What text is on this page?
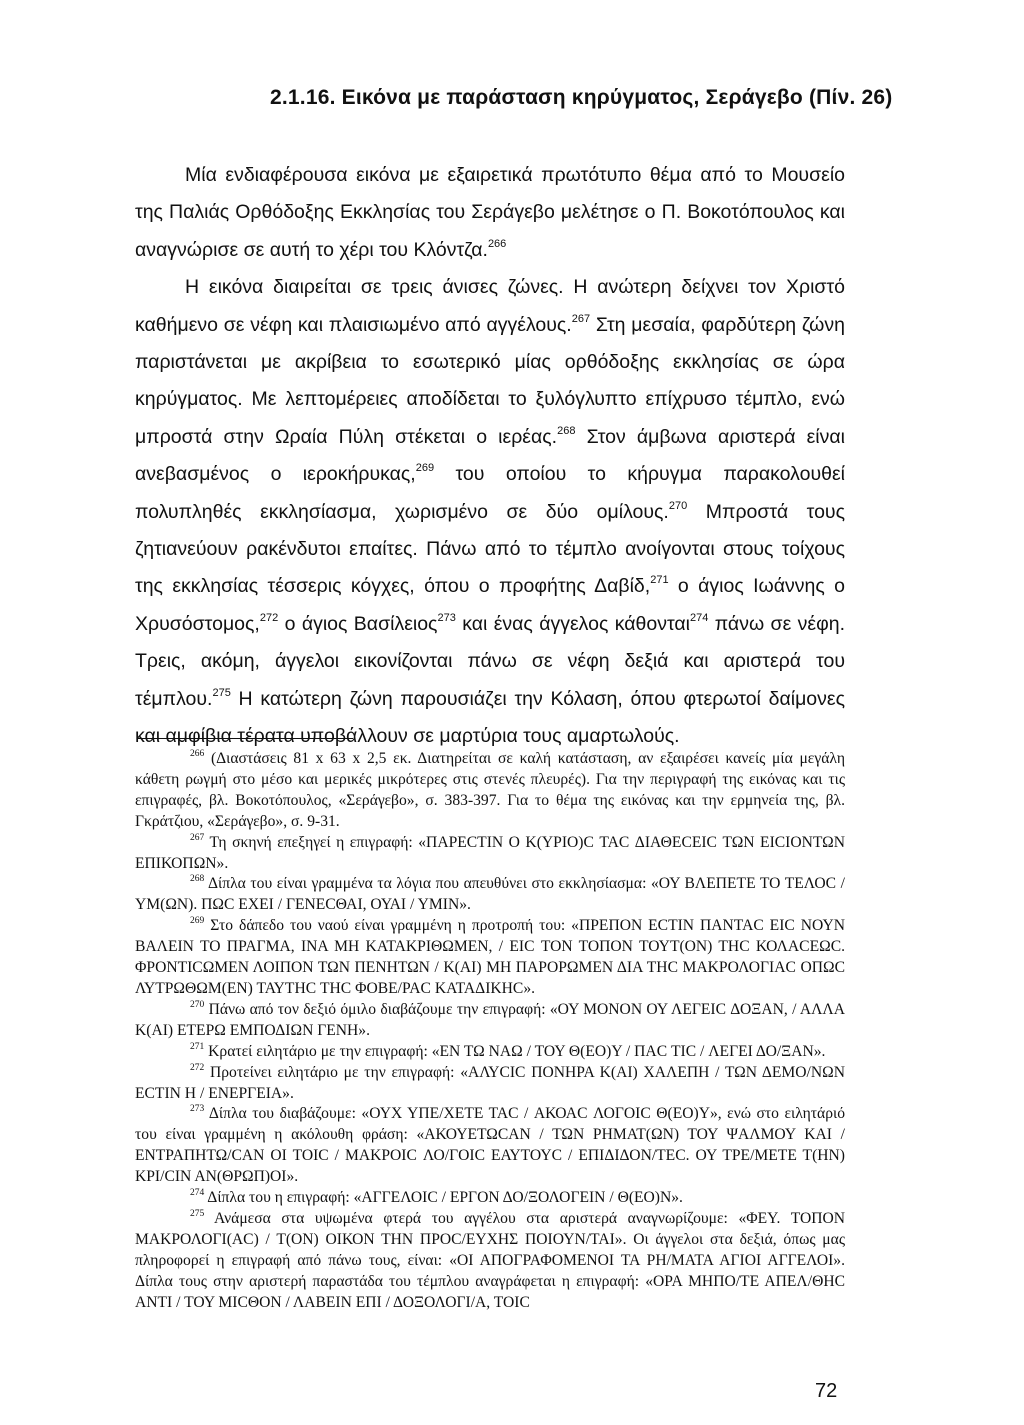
2.1.16. Εικόνα με παράσταση κηρύγματος, Σεράγεβο (Πίν. 26)

Μία ενδιαφέρουσα εικόνα με εξαιρετικά πρωτότυπο θέμα από το Μουσείο της Παλιάς Ορθόδοξης Εκκλησίας του Σεράγεβο μελέτησε ο Π. Βοκοτόπουλος και αναγνώρισε σε αυτή το χέρι του Κλόντζα.$^{266}$

Η εικόνα διαιρείται σε τρεις άνισες ζώνες. Η ανώτερη δείχνει τον Χριστό καθήμενο σε νέφη και πλαισιωμένο από αγγέλους.$^{267}$ Στη μεσαία, φαρδύτερη ζώνη παριστάνεται με ακρίβεια το εσωτερικό μίας ορθόδοξης εκκλησίας σε ώρα κηρύγματος. Με λεπτομέρειες αποδίδεται το ξυλόγλυπτο επίχρυσο τέμπλο, ενώ μπροστά στην Ωραία Πύλη στέκεται ο ιερέας.$^{268}$ Στον άμβωνα αριστερά είναι ανεβασμένος ο ιεροκήρυκας,$^{269}$ του οποίου το κήρυγμα παρακολουθεί πολυπληθές εκκλησίασμα, χωρισμένο σε δύο ομίλους.$^{270}$ Μπροστά τους ζητιανεύουν ρακένδυτοι επαίτες. Πάνω από το τέμπλο ανοίγονται στους τοίχους της εκκλησίας τέσσερις κόγχες, όπου ο προφήτης Δαβίδ,$^{271}$ ο άγιος Ιωάννης ο Χρυσόστομος,$^{272}$ ο άγιος Βασίλειος$^{273}$ και ένας άγγελος κάθονται$^{274}$ πάνω σε νέφη. Τρεις, ακόμη, άγγελοι εικονίζονται πάνω σε νέφη δεξιά και αριστερά του τέμπλου.$^{275}$ Η κατώτερη ζώνη παρουσιάζει την Κόλαση, όπου φτερωτοί δαίμονες και αμφίβια τέρατα υποβάλλουν σε μαρτύρια τους αμαρτωλούς.

$^{266}$ (Διαστάσεις 81 x 63 x 2,5 εκ. Διατηρείται σε καλή κατάσταση, αν εξαιρέσει κανείς μία μεγάλη κάθετη ρωγμή στο μέσο και μερικές μικρότερες στις στενές πλευρές). Για την περιγραφή της εικόνας και τις επιγραφές, βλ. Βοκοτόπουλος, «Σεράγεβο», σ. 383-397. Για το θέμα της εικόνας και την ερμηνεία της, βλ. Γκράτζιου, «Σεράγεβο», σ. 9-31.

$^{267}$ Τη σκηνή επεξηγεί η επιγραφή: «ΠΑΡΕСΤΙΝ Ο Κ(ΥΡΙΟ)C ΤΑC ΔΙΑΘΕCΕΙC ΤΩΝ ΕΙCΙΟΝΤΩΝ ΕΠΙΚΟΠΩΝ».

$^{268}$ Δίπλα του είναι γραμμένα τα λόγια που απευθύνει στο εκκλησίασμα: «ΟΥ ΒΛΕΠΕΤΕ ΤΟ ΤΕΛΟC / ΥΜ(ΩΝ). ΠΩC ΕΧΕΙ / ΓΕΝΕCΘΑΙ, ΟΥΑΙ / ΥΜΙΝ».

$^{269}$ Στο δάπεδο του ναού είναι γραμμένη η προτροπή του: «ΠΡΕΠΟΝ ΕCΤΙΝ ΠΑΝΤΑC ΕΙC ΝΟΥΝ ΒΑΛΕΙΝ ΤΟ ΠΡΑΓΜΑ, ΙΝΑ ΜΗ ΚΑΤΑΚΡΙΘΩΜΕΝ, / ΕΙC ΤΟΝ ΤΟΠΟΝ ΤΟΥΤ(ΟΝ) ΤΗC ΚΟΛΑCΕΩC. ΦΡΟΝΤΙCΩΜΕΝ ΛΟΙΠΟΝ ΤΩΝ ΠΕΝΗΤΩΝ / Κ(ΑΙ) ΜΗ ΠΑΡΟΡΩΜΕΝ ΔΙΑ ΤΗC ΜΑΚΡΟΛΟΓΙΑC ΟΠΩC ΛΥΤΡΩΘΩΜ(ΕΝ) ΤΑΥΤΗC ΤΗC ΦΟΒΕ/ΡΑC ΚΑΤΑΔΙΚΗC».

$^{270}$ Πάνω από τον δεξιό όμιλο διαβάζουμε την επιγραφή: «ΟΥ ΜΟΝΟΝ ΟΥ ΛΕΓΕΙC ΔΟΞΑΝ, / ΑΛΛΑ Κ(ΑΙ) ΕΤΕΡΩ ΕΜΠΟΔΙΩΝ ΓΕΝΗ».

$^{271}$ Κρατεί ειλητάριο με την επιγραφή: «ΕΝ ΤΩ ΝΑΩ / ΤΟΥ Θ(ΕΟ)Υ / ΠΑC ΤΙC / ΛΕΓΕΙ ΔΟ/ΞΑΝ».

$^{272}$ Προτείνει ειλητάριο με την επιγραφή: «ΑΛΥCΙC ΠΟΝΗΡΑ Κ(ΑΙ) ΧΑΛΕΠΗ / ΤΩΝ ΔΕΜΟ/ΝΩΝ ΕCΤΙΝ Η / ΕΝΕΡΓΕΙΑ».

$^{273}$ Δίπλα του διαβάζουμε: «ΟΥΧ ΥΠΕ/ΧΕΤΕ ΤΑC / ΑΚΟΑC ΛΟΓΟΙC Θ(ΕΟ)Υ», ενώ στο ειλητάριό του είναι γραμμένη η ακόλουθη φράση: «ΑΚΟΥΕΤΩCΑΝ / ΤΩΝ ΡΗΜΑΤ(ΩΝ) ΤΟΥ ΨΑΛΜΟΥ ΚΑΙ / ΕΝΤΡΑΠΗΤΩ/CΑΝ ΟΙ ΤΟΙC / ΜΑΚΡΟΙC ΛΟ/ΓΟΙC ΕΑΥΤΟΥC / ΕΠΙΔΙΔΟΝ/ΤΕC. ΟΥ ΤΡΕ/ΜΕΤΕ Τ(ΗΝ) ΚΡΙ/CΙΝ ΑΝ(ΘΡΩΠ)ΟΙ».

$^{274}$ Δίπλα του η επιγραφή: «ΑΓΓΕΛΟΙC / ΕΡΓΟΝ ΔΟ/ΞΟΛΟΓΕΙΝ / Θ(ΕΟ)Ν».

$^{275}$ Ανάμεσα στα υψωμένα φτερά του αγγέλου στα αριστερά αναγνωρίζουμε: «ΦΕΥ. ΤΟΠΟΝ ΜΑΚΡΟΛΟΓΙ(ΑC) / Τ(ΟΝ) ΟΙΚΟΝ ΤΗΝ ΠΡΟC/ΕΥΧΗΣ ΠΟΙΟΥΝ/ΤΑΙ». Οι άγγελοι στα δεξιά, όπως μας πληροφορεί η επιγραφή από πάνω τους, είναι: «ΟΙ ΑΠΟΓΡΑΦΟΜΕΝΟΙ ΤΑ ΡΗ/ΜΑΤΑ ΑΓΙΟΙ ΑΓΓΕΛΟΙ». Δίπλα τους στην αριστερή παραστάδα του τέμπλου αναγράφεται η επιγραφή: «ΟΡΑ ΜΗΠΟ/ΤΕ ΑΠΕΛ/ΘΗC ΑΝΤΙ / ΤΟΥ ΜΙCΘΟΝ / ΛΑΒΕΙΝ ΕΠΙ / ΔΟΞΟΛΟΓΙ/Α, ΤΟΙC

72
